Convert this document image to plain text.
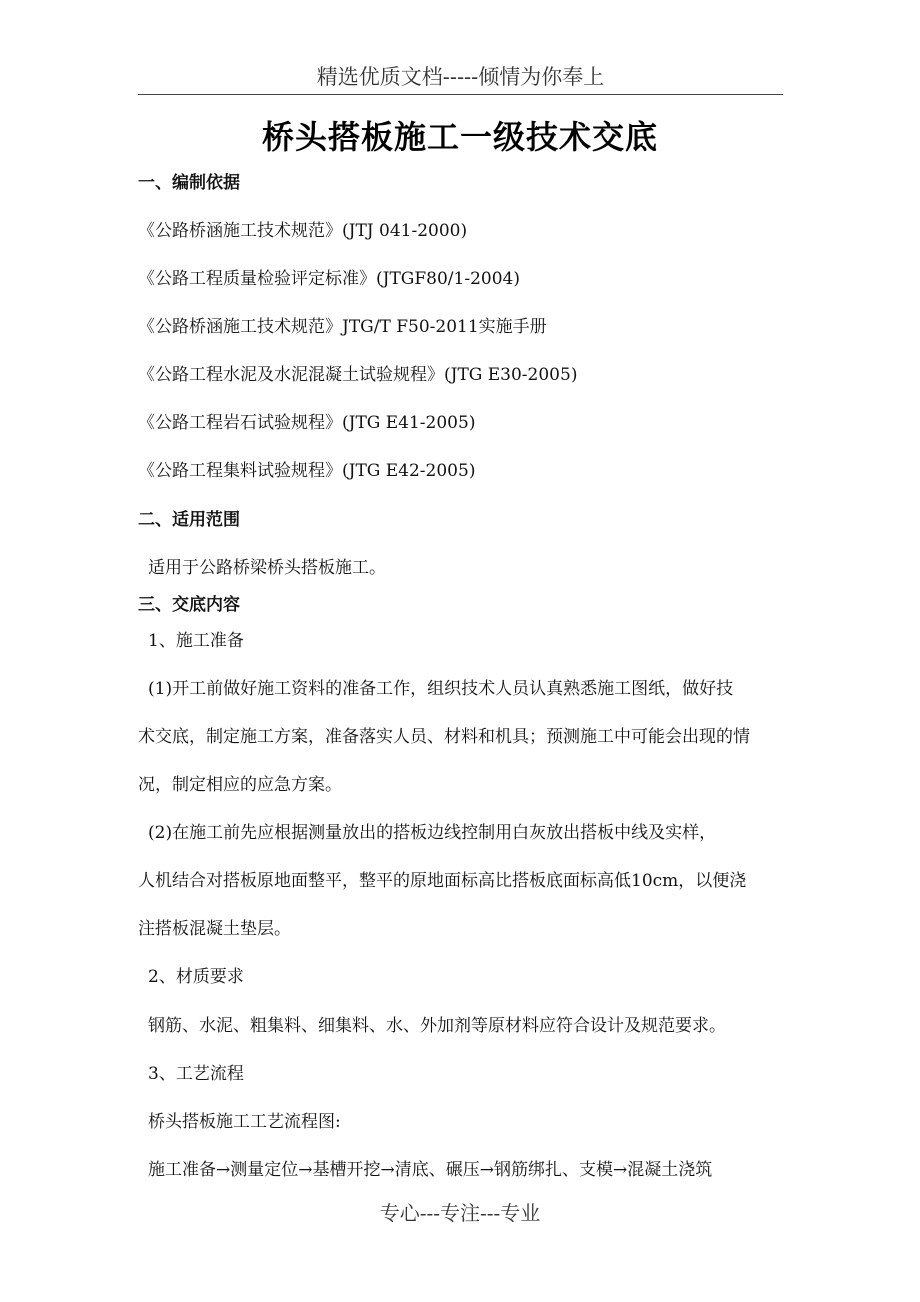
精选优质文档-----倾情为你奉上
桥头搭板施工一级技术交底
一、编制依据
《公路桥涵施工技术规范》(JTJ 041-2000)
《公路工程质量检验评定标准》(JTGF80/1-2004)
《公路桥涵施工技术规范》JTG/T F50-2011实施手册
《公路工程水泥及水泥混凝土试验规程》(JTG E30-2005)
《公路工程岩石试验规程》(JTG E41-2005)
《公路工程集料试验规程》(JTG E42-2005)
二、适用范围
适用于公路桥梁桥头搭板施工。
三、交底内容
1、施工准备
(1)开工前做好施工资料的准备工作，组织技术人员认真熟悉施工图纸，做好技
术交底，制定施工方案，准备落实人员、材料和机具；预测施工中可能会出现的情
况，制定相应的应急方案。
(2)在施工前先应根据测量放出的搭板边线控制用白灰放出搭板中线及实样，
人机结合对搭板原地面整平，整平的原地面标高比搭板底面标高低10cm，以便浇
注搭板混凝土垫层。
2、材质要求
钢筋、水泥、粗集料、细集料、水、外加剂等原材料应符合设计及规范要求。
3、工艺流程
桥头搭板施工工艺流程图:
施工准备→测量定位→基槽开挖→清底、碾压→钢筋绑扎、支模→混凝土浇筑
专心---专注---专业
